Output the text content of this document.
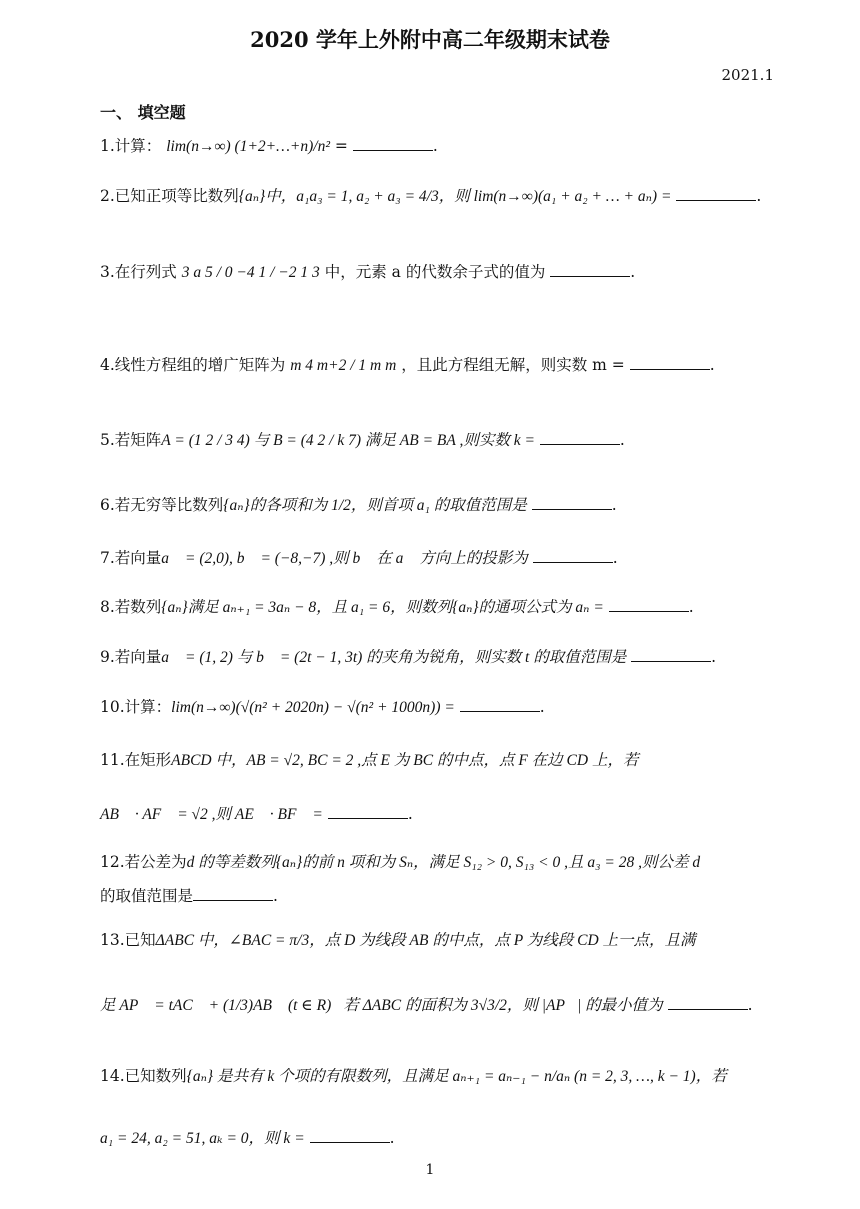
2020 学年上外附中高二年级期末试卷
2021.1
一、 填空题
1.计算： lim(n→∞) (1+2+…+n)/n² =	.
2.已知正项等比数列{aₙ}中，a₁a₃ = 1, a₂ + a₃ = 4/3，则 lim(n→∞)(a₁ + a₂ + … + aₙ) =	.
3.在行列式 3 a 5 / 0 −4 1 / −2 1 3 中，元素 a 的代数余子式的值为	.
4.线性方程组的增广矩阵为 m 4 m+2 / 1 m m ，且此方程组无解，则实数 m =	.
5.若矩阵A = (1 2 / 3 4) 与 B = (4 2 / k 7) 满足 AB = BA ,则实数 k =	.
6.若无穷等比数列{aₙ}的各项和为 1/2，则首项 a₁ 的取值范围是	.
7.若向量a⃗ = (2,0), b⃗ = (−8,−7) ,则 b⃗ 在 a⃗ 方向上的投影为	.
8.若数列{aₙ}满足 aₙ₊₁ = 3aₙ − 8，且 a₁ = 6，则数列{aₙ}的通项公式为 aₙ =	.
9.若向量a⃗ = (1, 2) 与 b⃗ = (2t − 1, 3t) 的夹角为锐角，则实数 t 的取值范围是	.
10.计算：lim(n→∞)(√(n² + 2020n) − √(n² + 1000n)) =	.
11.在矩形ABCD 中，AB = √2, BC = 2 ,点 E 为 BC 的中点，点 F 在边 CD 上，若
AB⃗ · AF⃗ = √2 ,则 AE⃗ · BF⃗ =	.
12.若公差为d 的等差数列{aₙ}的前 n 项和为 Sₙ，满足 S₁₂ > 0, S₁₃ < 0 ,且 a₃ = 28 ,则公差 d
的取值范围是	.
13.已知ΔABC 中，∠BAC = π/3，点 D 为线段 AB 的中点，点 P 为线段 CD 上一点，且满
足 AP⃗ = tAC⃗ + (1/3)AB⃗ (t ∈ R)，若 ΔABC 的面积为 3√3/2，则 |AP⃗| 的最小值为	.
14.已知数列{aₙ} 是共有 k 个项的有限数列，且满足 aₙ₊₁ = aₙ₋₁ − n/aₙ (n = 2, 3, …, k − 1)，若
a₁ = 24, a₂ = 51, aₖ = 0，则 k =	.
1
